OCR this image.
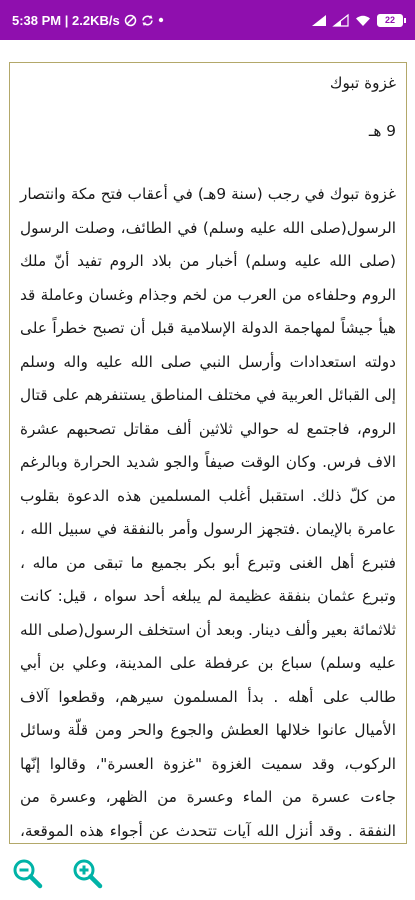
5:38 PM | 2.2KB/s	22
غزوة تبوك
9 هـ
غزوة تبوك في رجب (سنة 9هـ) في أعقاب فتح مكة وانتصار الرسول(صلى الله عليه وسلم) في الطائف، وصلت الرسول (صلى الله عليه وسلم) أخبار من بلاد الروم تفيد أنّ ملك الروم وحلفاءه من العرب من لخم وجذام وغسان وعاملة قد هيأ جيشاً لمهاجمة الدولة الإسلامية قبل أن تصبح خطراً على دولته استعدادات وأرسل النبي صلى الله عليه واله وسلم إلى القبائل العربية في مختلف المناطق يستنفرهم على قتال الروم، فاجتمع له حوالي ثلاثين ألف مقاتل تصحبهم عشرة الاف فرس. وكان الوقت صيفاً والجو شديد الحرارة وبالرغم من كلّ ذلك. استقبل أغلب المسلمين هذه الدعوة بقلوب عامرة بالإيمان .فتجهز الرسول وأمر بالنفقة في سبيل الله ، فتبرع أهل الغنى وتبرع أبو بكر بجميع ما تبقى من ماله ، وتبرع عثمان بنفقة عظيمة لم يبلغه أحد سواه ، قيل: كانت ثلاثمائة بعير وألف دينار. وبعد أن استخلف الرسول(صلى الله عليه وسلم) سباع بن عرفطة على المدينة، وعلي بن أبي طالب على أهله . بدأ المسلمون سيرهم، وقطعوا آلاف الأميال عانوا خلالها العطش والجوع والحر ومن قلّة وسائل الركوب، وقد سميت الغزوة "غزوة العسرة"، وقالوا إنّها جاءت عسرة من الماء وعسرة من الظهر، وعسرة من النفقة . وقد أنزل الله آيات تتحدث عن أجواء هذه الموقعة،
